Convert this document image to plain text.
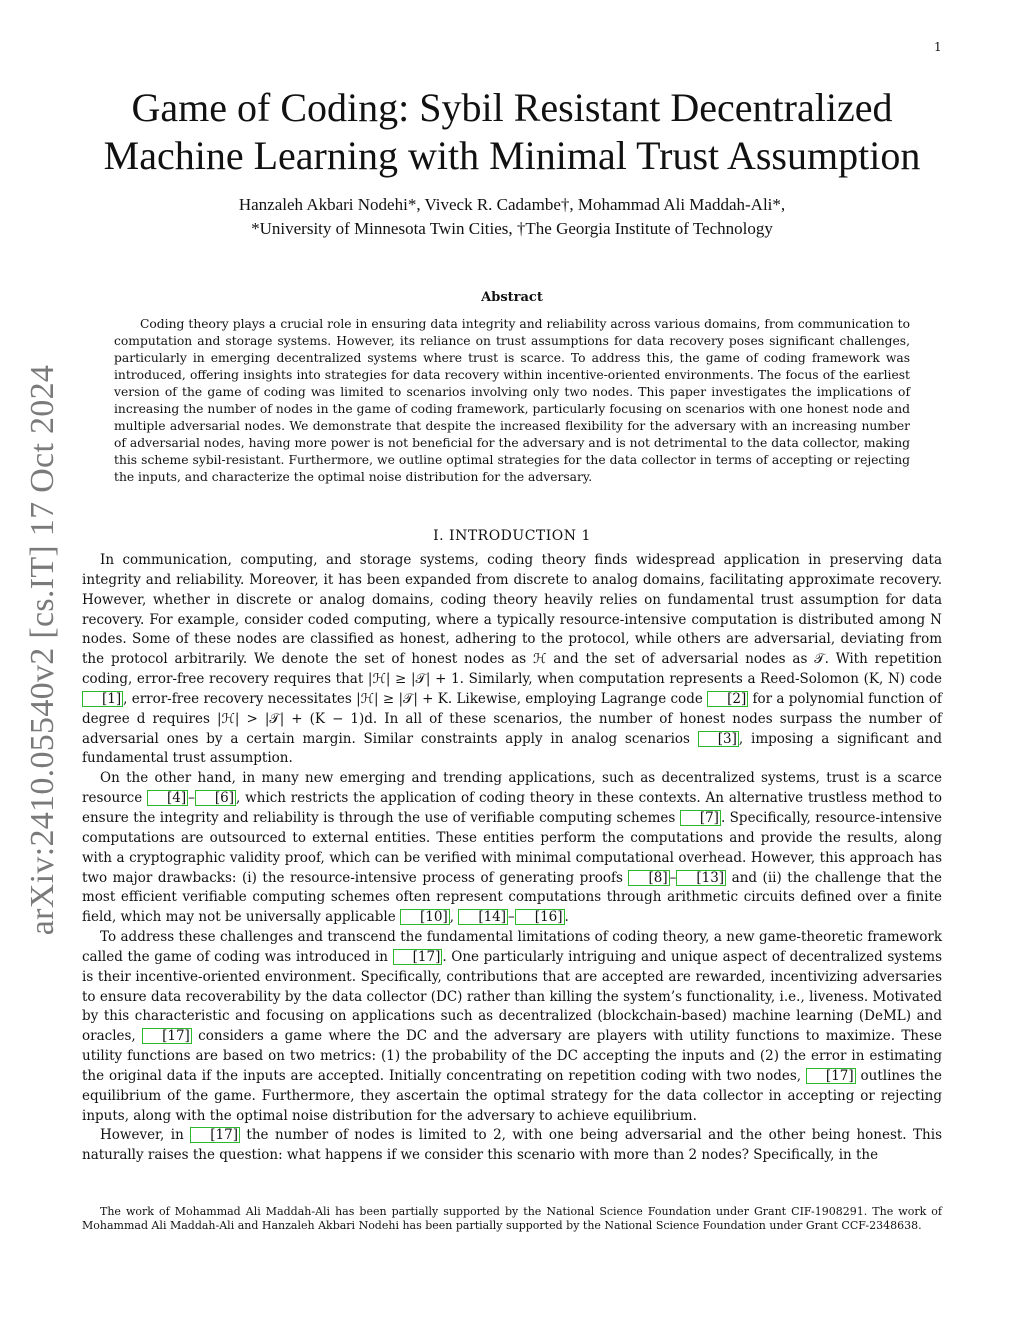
1
arXiv:2410.05540v2 [cs.IT] 17 Oct 2024
Game of Coding: Sybil Resistant Decentralized
Machine Learning with Minimal Trust Assumption
Hanzaleh Akbari Nodehi*, Viveck R. Cadambe†, Mohammad Ali Maddah-Ali*,
*University of Minnesota Twin Cities, †The Georgia Institute of Technology
Abstract

Coding theory plays a crucial role in ensuring data integrity and reliability across various domains, from communication to computation and storage systems. However, its reliance on trust assumptions for data recovery poses significant challenges, particularly in emerging decentralized systems where trust is scarce. To address this, the game of coding framework was introduced, offering insights into strategies for data recovery within incentive-oriented environments. The focus of the earliest version of the game of coding was limited to scenarios involving only two nodes. This paper investigates the implications of increasing the number of nodes in the game of coding framework, particularly focusing on scenarios with one honest node and multiple adversarial nodes. We demonstrate that despite the increased flexibility for the adversary with an increasing number of adversarial nodes, having more power is not beneficial for the adversary and is not detrimental to the data collector, making this scheme sybil-resistant. Furthermore, we outline optimal strategies for the data collector in terms of accepting or rejecting the inputs, and characterize the optimal noise distribution for the adversary.

I. INTRODUCTION 1

In communication, computing, and storage systems, coding theory finds widespread application in preserving data integrity and reliability. Moreover, it has been expanded from discrete to analog domains, facilitating approximate recovery. However, whether in discrete or analog domains, coding theory heavily relies on fundamental trust assumption for data recovery. For example, consider coded computing, where a typically resource-intensive computation is distributed among N nodes. Some of these nodes are classified as honest, adhering to the protocol, while others are adversarial, deviating from the protocol arbitrarily. We denote the set of honest nodes as ℋ and the set of adversarial nodes as 𝒯. With repetition coding, error-free recovery requires that |ℋ| ≥ |𝒯| + 1. Similarly, when computation represents a Reed-Solomon (K, N) code [1] , error-free recovery necessitates |ℋ| ≥ |𝒯| + K. Likewise, employing Lagrange code [2] for a polynomial function of degree d requires |ℋ| > |𝒯| + (K − 1)d. In all of these scenarios, the number of honest nodes surpass the number of adversarial ones by a certain margin. Similar constraints apply in analog scenarios [3] , imposing a significant and fundamental trust assumption.

On the other hand, in many new emerging and trending applications, such as decentralized systems, trust is a scarce resource [4] – [6] , which restricts the application of coding theory in these contexts. An alternative trustless method to ensure the integrity and reliability is through the use of verifiable computing schemes [7] . Specifically, resource-intensive computations are outsourced to external entities. These entities perform the computations and provide the results, along with a cryptographic validity proof, which can be verified with minimal computational overhead. However, this approach has two major drawbacks: (i) the resource-intensive process of generating proofs [8] – [13] and (ii) the challenge that the most efficient verifiable computing schemes often represent computations through arithmetic circuits defined over a finite field, which may not be universally applicable [10] , [14] – [16] .

To address these challenges and transcend the fundamental limitations of coding theory, a new game-theoretic framework called the game of coding was introduced in [17] . One particularly intriguing and unique aspect of decentralized systems is their incentive-oriented environment. Specifically, contributions that are accepted are rewarded, incentivizing adversaries to ensure data recoverability by the data collector (DC) rather than killing the system’s functionality, i.e., liveness. Motivated by this characteristic and focusing on applications such as decentralized (blockchain-based) machine learning (DeML) and oracles, [17] considers a game where the DC and the adversary are players with utility functions to maximize. These utility functions are based on two metrics: (1) the probability of the DC accepting the inputs and (2) the error in estimating the original data if the inputs are accepted. Initially concentrating on repetition coding with two nodes, [17] outlines the equilibrium of the game. Furthermore, they ascertain the optimal strategy for the data collector in accepting or rejecting inputs, along with the optimal noise distribution for the adversary to achieve equilibrium.

However, in [17] the number of nodes is limited to 2, with one being adversarial and the other being honest. This naturally raises the question: what happens if we consider this scenario with more than 2 nodes? Specifically, in the

The work of Mohammad Ali Maddah-Ali has been partially supported by the National Science Foundation under Grant CIF-1908291. The work of Mohammad Ali Maddah-Ali and Hanzaleh Akbari Nodehi has been partially supported by the National Science Foundation under Grant CCF-2348638.
